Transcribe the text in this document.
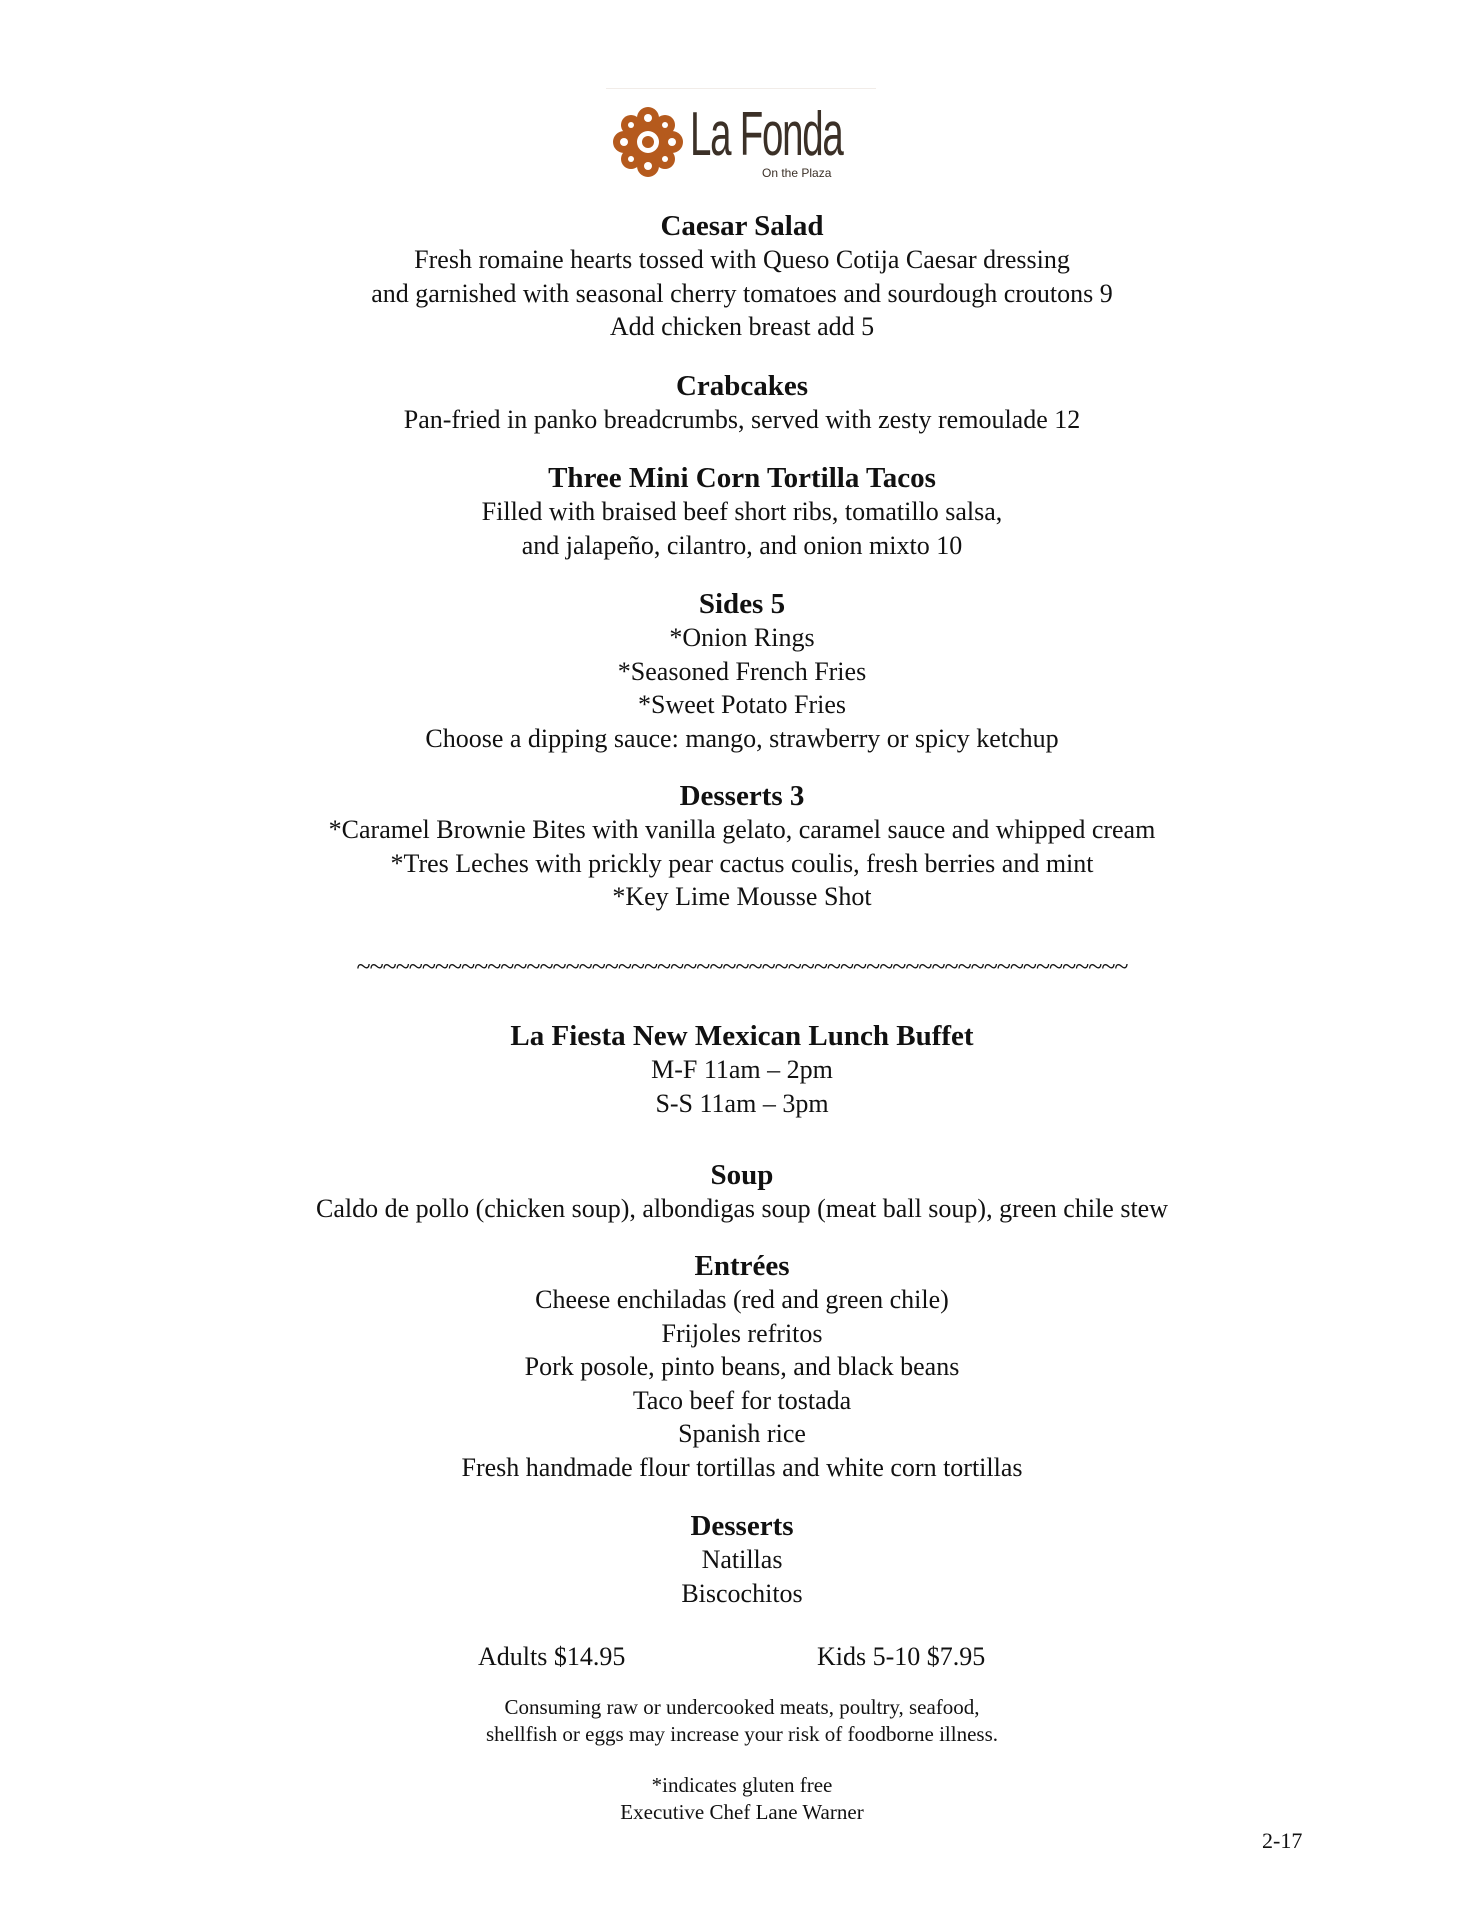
La Fonda
On the Plaza

Caesar Salad

Fresh romaine hearts tossed with Queso Cotija Caesar dressing

and garnished with seasonal cherry tomatoes and sourdough croutons 9

Add chicken breast add 5

Crabcakes

Pan-fried in panko breadcrumbs, served with zesty remoulade 12

Three Mini Corn Tortilla Tacos

Filled with braised beef short ribs, tomatillo salsa,

and jalapeño, cilantro, and onion mixto 10

Sides 5

*Onion Rings

*Seasoned French Fries

*Sweet Potato Fries

Choose a dipping sauce: mango, strawberry or spicy ketchup

Desserts 3

*Caramel Brownie Bites with vanilla gelato, caramel sauce and whipped cream

*Tres Leches with prickly pear cactus coulis, fresh berries and mint

*Key Lime Mousse Shot

~~~~~~~~~~~~~~~~~~~~~~~~~~~~~~~~~~~~~~~~~~~~~~~~~~~~~~~~~~~

La Fiesta New Mexican Lunch Buffet

M-F 11am – 2pm

S-S 11am – 3pm

Soup

Caldo de pollo (chicken soup), albondigas soup (meat ball soup), green chile stew

Entrées

Cheese enchiladas (red and green chile)

Frijoles refritos

Pork posole, pinto beans, and black beans

Taco beef for tostada

Spanish rice

Fresh handmade flour tortillas and white corn tortillas

Desserts

Natillas

Biscochitos

Adults $14.95	Kids 5-10 $7.95

Consuming raw or undercooked meats, poultry, seafood,

shellfish or eggs may increase your risk of foodborne illness.

*indicates gluten free

Executive Chef Lane Warner

2-17
